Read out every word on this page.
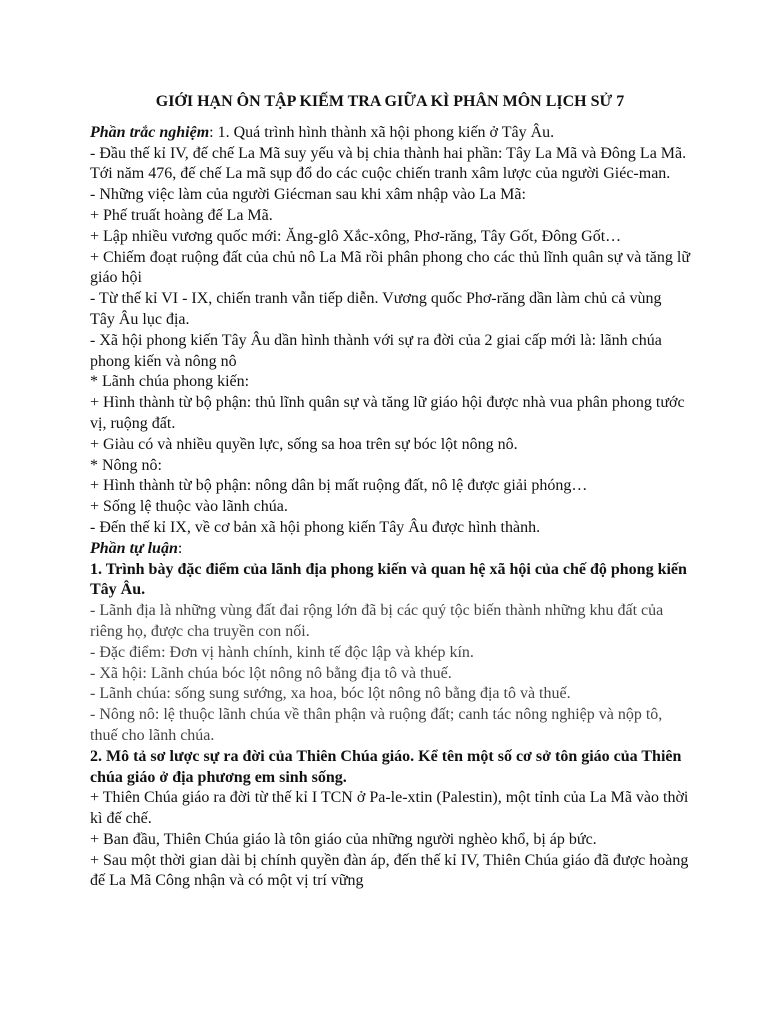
GIỚI HẠN ÔN TẬP KIẾM TRA GIỮA KÌ PHÂN MÔN LỊCH SỬ 7

Phần trắc nghiệm: 1. Quá trình hình thành xã hội phong kiến ở Tây Âu.

- Đầu thế kỉ IV, đế chế La Mã suy yếu và bị chia thành hai phần: Tây La Mã và Đông La Mã. Tới năm 476, đế chế La mã sụp đổ do các cuộc chiến tranh xâm lược của người Giéc-man.

- Những việc làm của người Giécman sau khi xâm nhập vào La Mã:

+ Phế truất hoàng đế La Mã.

+ Lập nhiều vương quốc mới: Ăng-glô Xắc-xông, Phơ-răng, Tây Gốt, Đông Gốt…

+ Chiếm đoạt ruộng đất của chủ nô La Mã rồi phân phong cho các thủ lĩnh quân sự và tăng lữ giáo hội

- Từ thế kỉ VI - IX, chiến tranh vẫn tiếp diễn. Vương quốc Phơ-răng dần làm chủ cả vùng Tây Âu lục địa.

- Xã hội phong kiến Tây Âu dần hình thành với sự ra đời của 2 giai cấp mới là: lãnh chúa phong kiến và nông nô

* Lãnh chúa phong kiến:

+ Hình thành từ bộ phận: thủ lĩnh quân sự và tăng lữ giáo hội được nhà vua phân phong tước vị, ruộng đất.

+ Giàu có và nhiều quyền lực, sống sa hoa trên sự bóc lột nông nô.

* Nông nô:

+ Hình thành từ bộ phận: nông dân bị mất ruộng đất, nô lệ được giải phóng…

+ Sống lệ thuộc vào lãnh chúa.

- Đến thế kỉ IX, về cơ bản xã hội phong kiến Tây Âu được hình thành.

Phần tự luận:

1. Trình bày đặc điểm của lãnh địa phong kiến và quan hệ xã hội của chế độ phong kiến Tây Âu.

- Lãnh địa là những vùng đất đai rộng lớn đã bị các quý tộc biến thành những khu đất của riêng họ, được cha truyền con nối.

- Đặc điểm: Đơn vị hành chính, kinh tế độc lập và khép kín.

- Xã hội: Lãnh chúa bóc lột nông nô bằng địa tô và thuế.

- Lãnh chúa: sống sung sướng, xa hoa, bóc lột nông nô bằng địa tô và thuế.

- Nông nô: lệ thuộc lãnh chúa về thân phận và ruộng đất; canh tác nông nghiệp và nộp tô, thuế cho lãnh chúa.

2. Mô tả sơ lược sự ra đời của Thiên Chúa giáo. Kể tên một số cơ sở tôn giáo của Thiên chúa giáo ở địa phương em sinh sống.

+ Thiên Chúa giáo ra đời từ thế kỉ I TCN ở Pa-le-xtin (Palestin), một tỉnh của La Mã vào thời kì đế chế.

+ Ban đầu, Thiên Chúa giáo là tôn giáo của những người nghèo khổ, bị áp bức.

+ Sau một thời gian dài bị chính quyền đàn áp, đến thế kỉ IV, Thiên Chúa giáo đã được hoàng đế La Mã Công nhận và có một vị trí vững
